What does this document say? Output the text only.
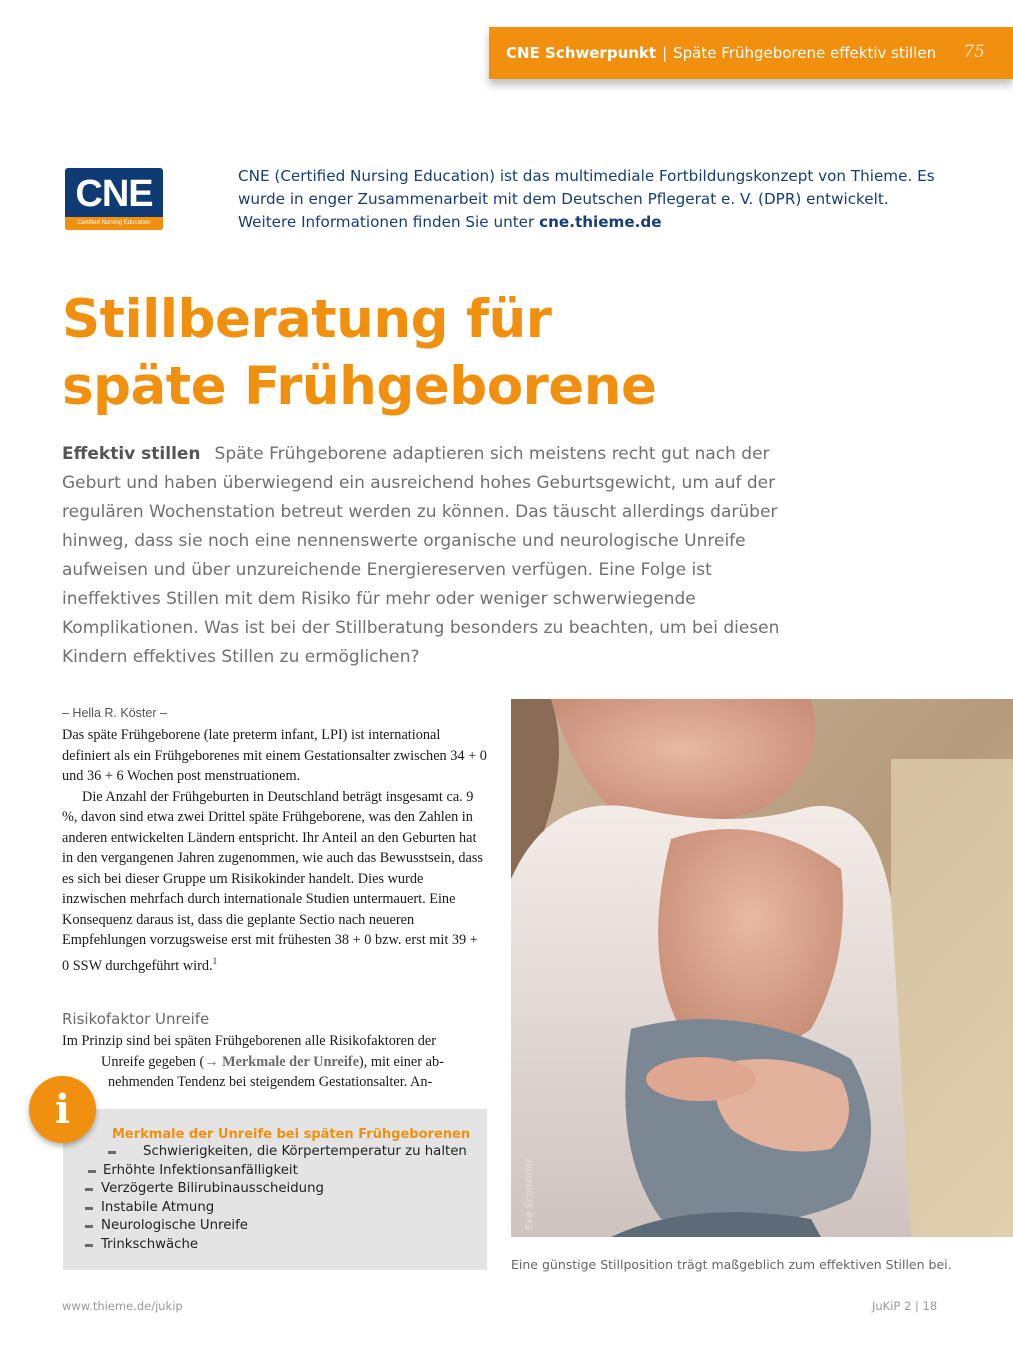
CNE Schwerpunkt | Späte Frühgeborene effektiv stillen 75
CNE
Certified Nursing Education
CNE (Certified Nursing Education) ist das multimediale Fortbildungskonzept von Thieme. Es
wurde in enger Zusammenarbeit mit dem Deutschen Pflegerat e. V. (DPR) entwickelt.
Weitere Informationen finden Sie unter cne.thieme.de
Stillberatung für
späte Frühgeborene
Effektiv stillen Späte Frühgeborene adaptieren sich meistens recht gut nach der Geburt und haben überwiegend ein ausreichend hohes Geburtsgewicht, um auf der regulären Wochenstation betreut werden zu können. Das täuscht allerdings darüber hinweg, dass sie noch eine nennenswerte organische und neurologische Unreife aufweisen und über unzureichende Energiereserven verfügen. Eine Folge ist ineffektives Stillen mit dem Risiko für mehr oder weniger schwerwiegende Komplikationen. Was ist bei der Stillberatung besonders zu beachten, um bei diesen Kindern effektives Stillen zu ermöglichen?
– Hella R. Köster –

Das späte Frühgeborene (late preterm infant, LPI) ist international definiert als ein Frühgeborenes mit einem Gestationsalter zwischen 34 + 0 und 36 + 6 Wochen post menstruationem.

Die Anzahl der Frühgeburten in Deutschland beträgt insgesamt ca. 9 %, davon sind etwa zwei Drittel späte Frühgeborene, was den Zahlen in anderen entwickelten Ländern entspricht. Ihr Anteil an den Geburten hat in den vergangenen Jahren zugenommen, wie auch das Bewusstsein, dass es sich bei dieser Gruppe um Risikokinder handelt. Dies wurde inzwischen mehrfach durch internationale Studien untermauert. Eine Konsequenz daraus ist, dass die geplante Sectio nach neueren Empfehlungen vorzugsweise erst mit frühesten 38 + 0 bzw. erst mit 39 + 0 SSW durchgeführt wird.$^1$

Risikofaktor Unreife
Im Prinzip sind bei späten Frühgeborenen alle Risikofaktoren der
Unreife gegeben (→ Merkmale der Unreife), mit einer ab-
nehmenden Tendenz bei steigendem Gestationsalter. An-
Merkmale der Unreife bei späten Frühgeborenen
Schwierigkeiten, die Körpertemperatur zu halten
Erhöhte Infektionsanfälligkeit
Verzögerte Bilirubinausscheidung
Instabile Atmung
Neurologische Unreife
Trinkschwäche
i
Eva Schneider
Eine günstige Stillposition trägt maßgeblich zum effektiven Stillen bei.
www.thieme.de/jukip	JuKiP 2 | 18
